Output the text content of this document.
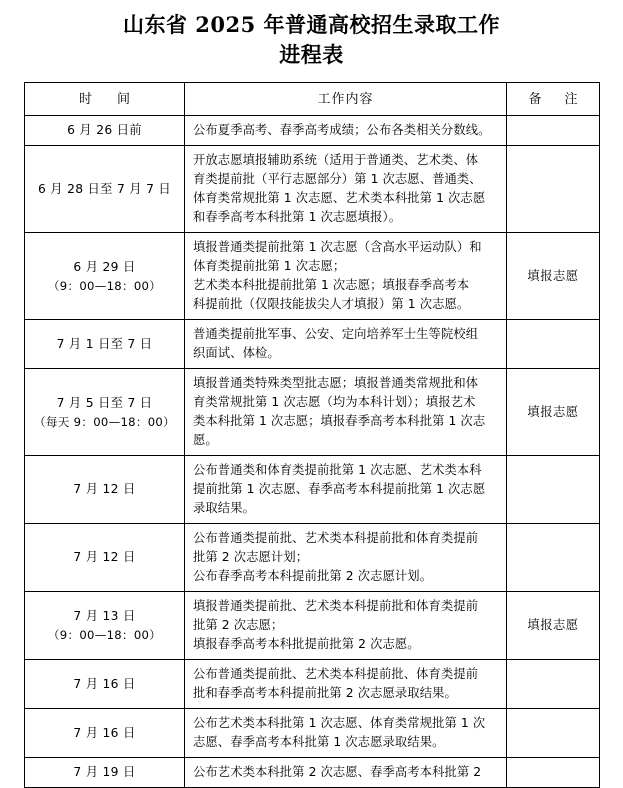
山东省 2025 年普通高校招生录取工作
进程表
时　间	工作内容	备　注
6 月 26 日前	公布夏季高考、春季高考成绩；公布各类相关分数线。	

6 月 28 日至 7 月 7 日	开放志愿填报辅助系统（适用于普通类、艺术类、体
育类提前批（平行志愿部分）第 1 次志愿、普通类、
体育类常规批第 1 次志愿、艺术类本科批第 1 次志愿
和春季高考本科批第 1 次志愿填报）。	

6 月 29 日
（9：00—18：00）	填报普通类提前批第 1 次志愿（含高水平运动队）和
体育类提前批第 1 次志愿；
艺术类本科批提前批第 1 次志愿；填报春季高考本
科提前批（仅限技能拔尖人才填报）第 1 次志愿。	填报志愿
7 月 1 日至 7 日	普通类提前批军事、公安、定向培养军士生等院校组
织面试、体检。	

7 月 5 日至 7 日
（每天 9：00—18：00）	填报普通类特殊类型批志愿；填报普通类常规批和体
育类常规批第 1 次志愿（均为本科计划）；填报艺术
类本科批第 1 次志愿；填报春季高考本科批第 1 次志
愿。	填报志愿
7 月 12 日	公布普通类和体育类提前批第 1 次志愿、艺术类本科
提前批第 1 次志愿、春季高考本科提前批第 1 次志愿
录取结果。	

7 月 12 日	公布普通类提前批、艺术类本科提前批和体育类提前
批第 2 次志愿计划；
公布春季高考本科提前批第 2 次志愿计划。	

7 月 13 日
（9：00—18：00）	填报普通类提前批、艺术类本科提前批和体育类提前
批第 2 次志愿；
填报春季高考本科批提前批第 2 次志愿。	填报志愿
7 月 16 日	公布普通类提前批、艺术类本科提前批、体育类提前
批和春季高考本科提前批第 2 次志愿录取结果。	

7 月 16 日	公布艺术类本科批第 1 次志愿、体育类常规批第 1 次
志愿、春季高考本科批第 1 次志愿录取结果。	

7 月 19 日	公布艺术类本科批第 2 次志愿、春季高考本科批第 2	
